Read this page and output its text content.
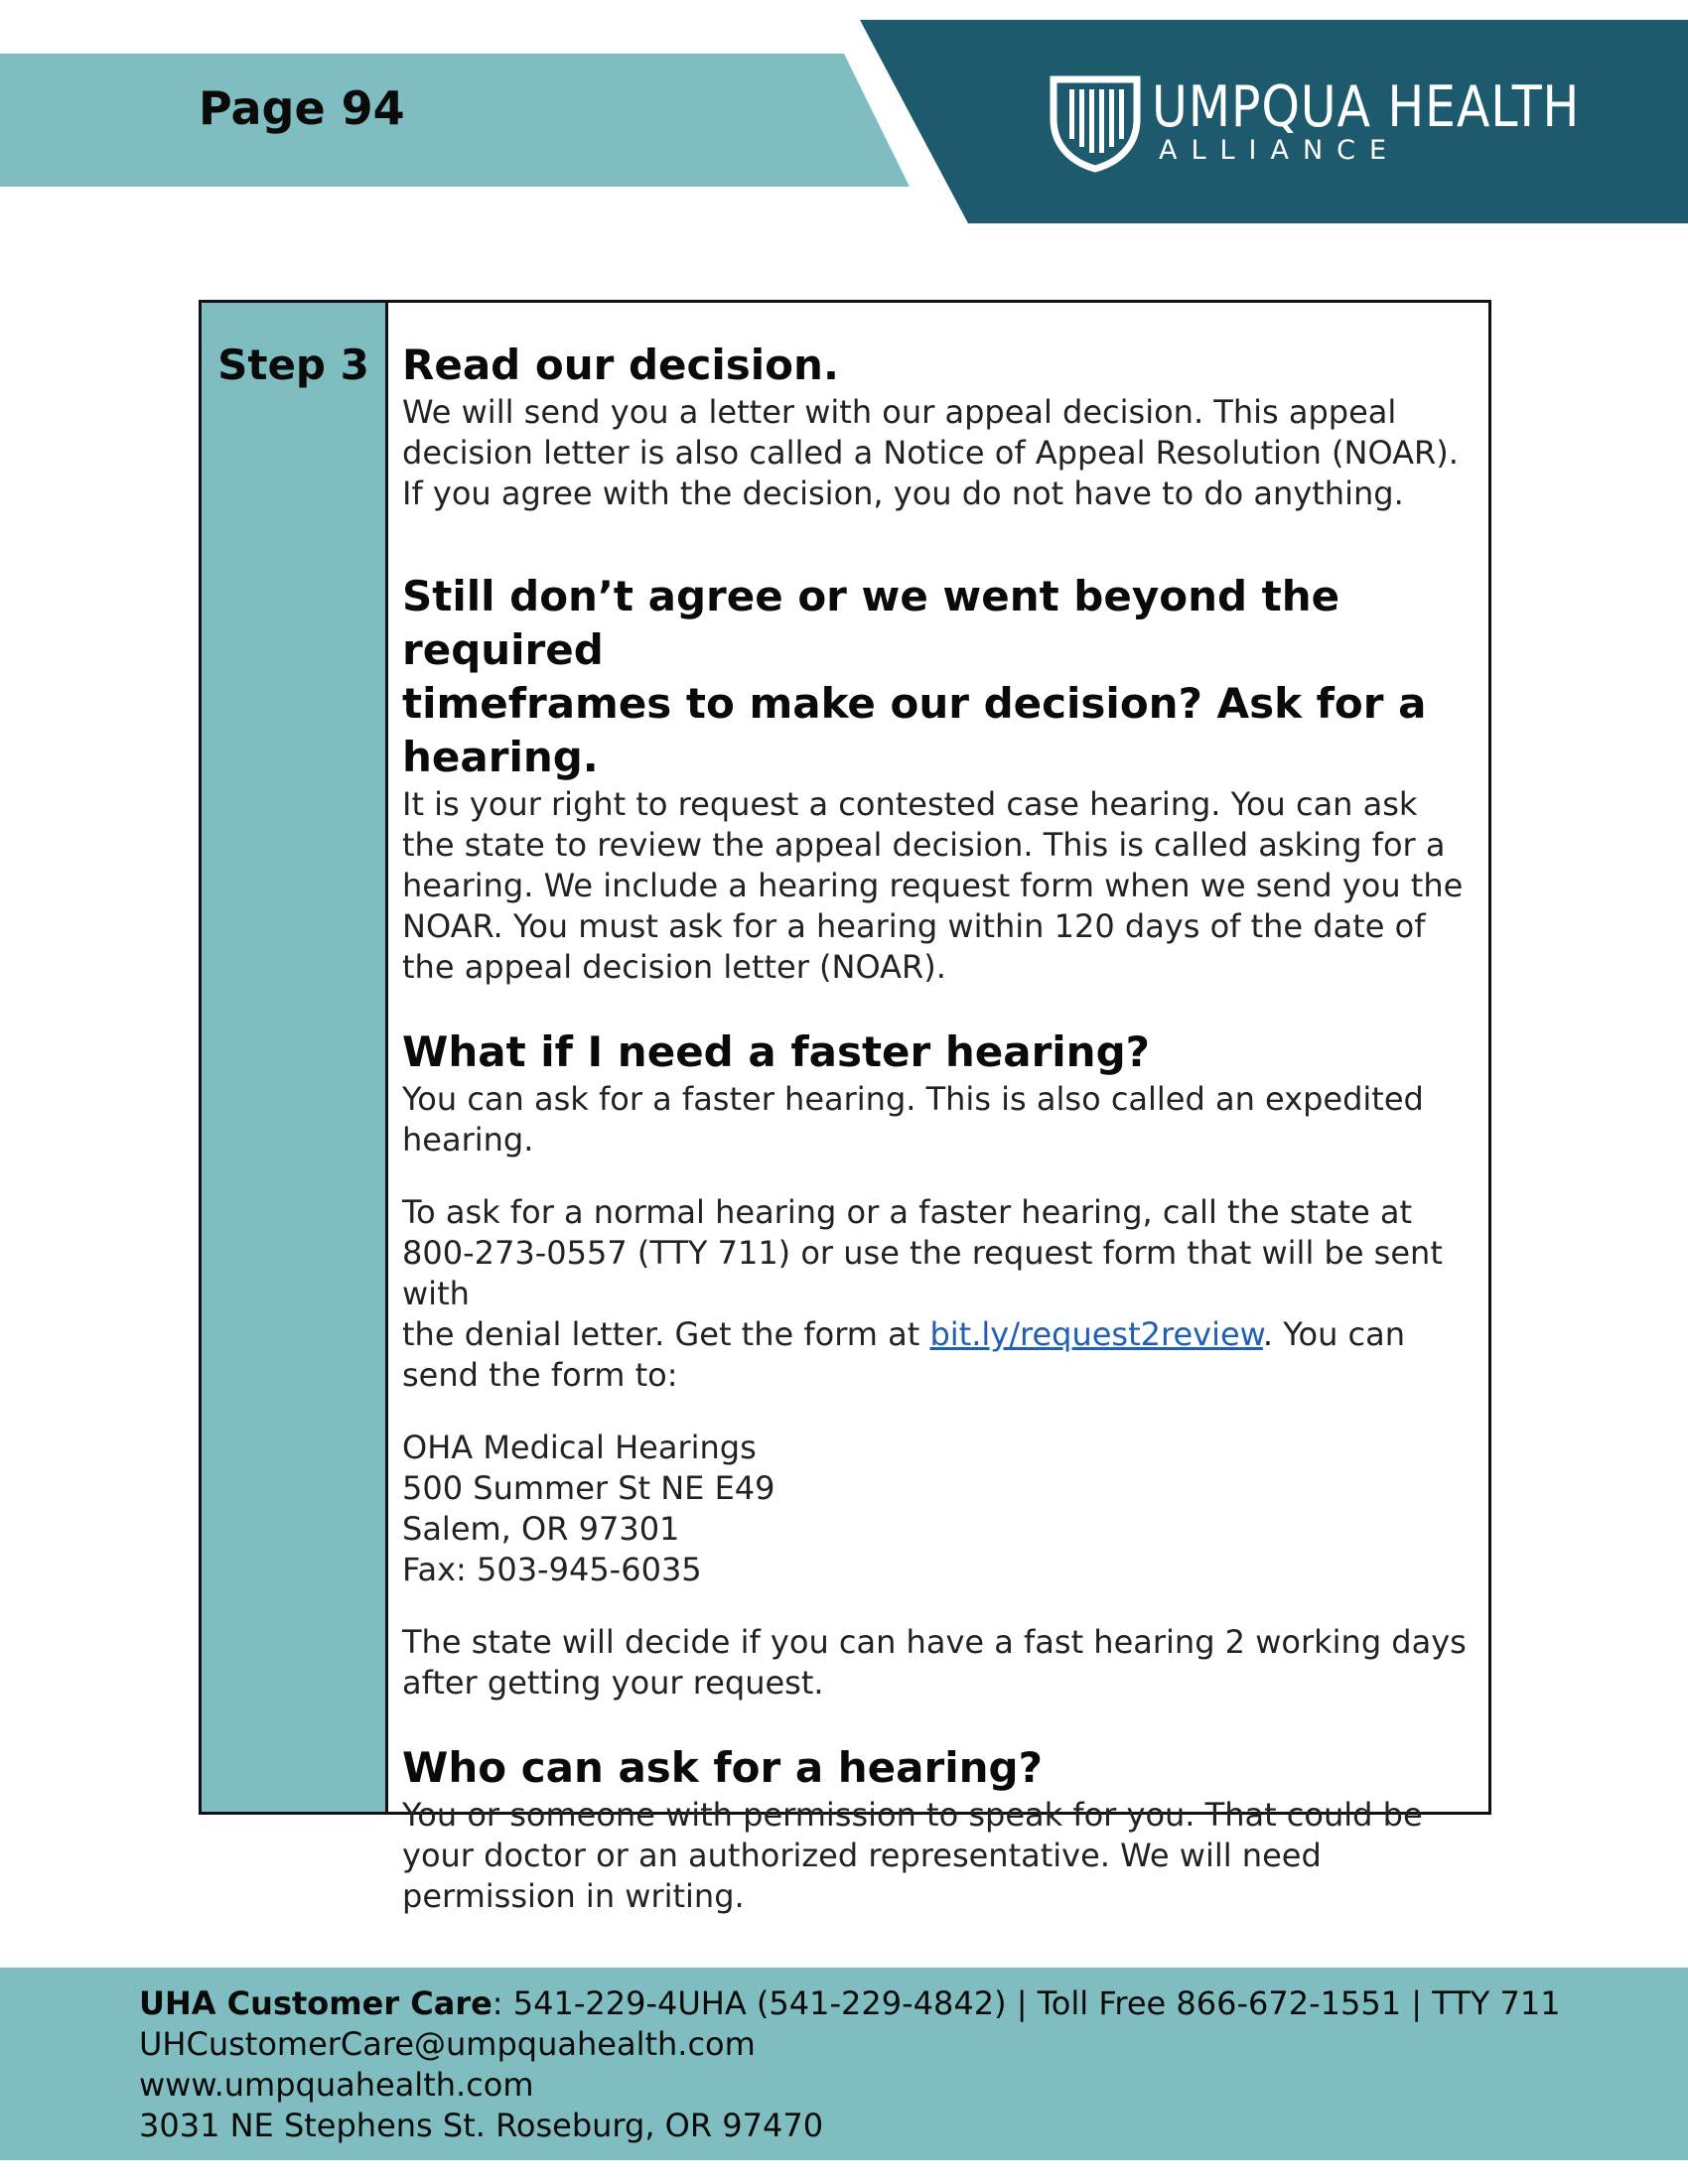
Page 94	UMPQUA HEALTH
ALLIANCE
Step 3 Read our decision.
We will send you a letter with our appeal decision. This appeal
decision letter is also called a Notice of Appeal Resolution (NOAR).
If you agree with the decision, you do not have to do anything.
Still don’t agree or we went beyond the required
timeframes to make our decision? Ask for a
hearing.
It is your right to request a contested case hearing. You can ask
the state to review the appeal decision. This is called asking for a
hearing. We include a hearing request form when we send you the
NOAR. You must ask for a hearing within 120 days of the date of
the appeal decision letter (NOAR).
What if I need a faster hearing?
You can ask for a faster hearing. This is also called an expedited
hearing.
To ask for a normal hearing or a faster hearing, call the state at
800-273-0557 (TTY 711) or use the request form that will be sent with
the denial letter. Get the form at bit.ly/request2review. You can
send the form to:
OHA Medical Hearings
500 Summer St NE E49
Salem, OR 97301
Fax: 503-945-6035
The state will decide if you can have a fast hearing 2 working days
after getting your request.
Who can ask for a hearing?
You or someone with permission to speak for you. That could be
your doctor or an authorized representative. We will need
permission in writing.
UHA Customer Care: 541-229-4UHA (541-229-4842) | Toll Free 866-672-1551 | TTY 711
UHCustomerCare@umpquahealth.com
www.umpquahealth.com
3031 NE Stephens St. Roseburg, OR 97470
